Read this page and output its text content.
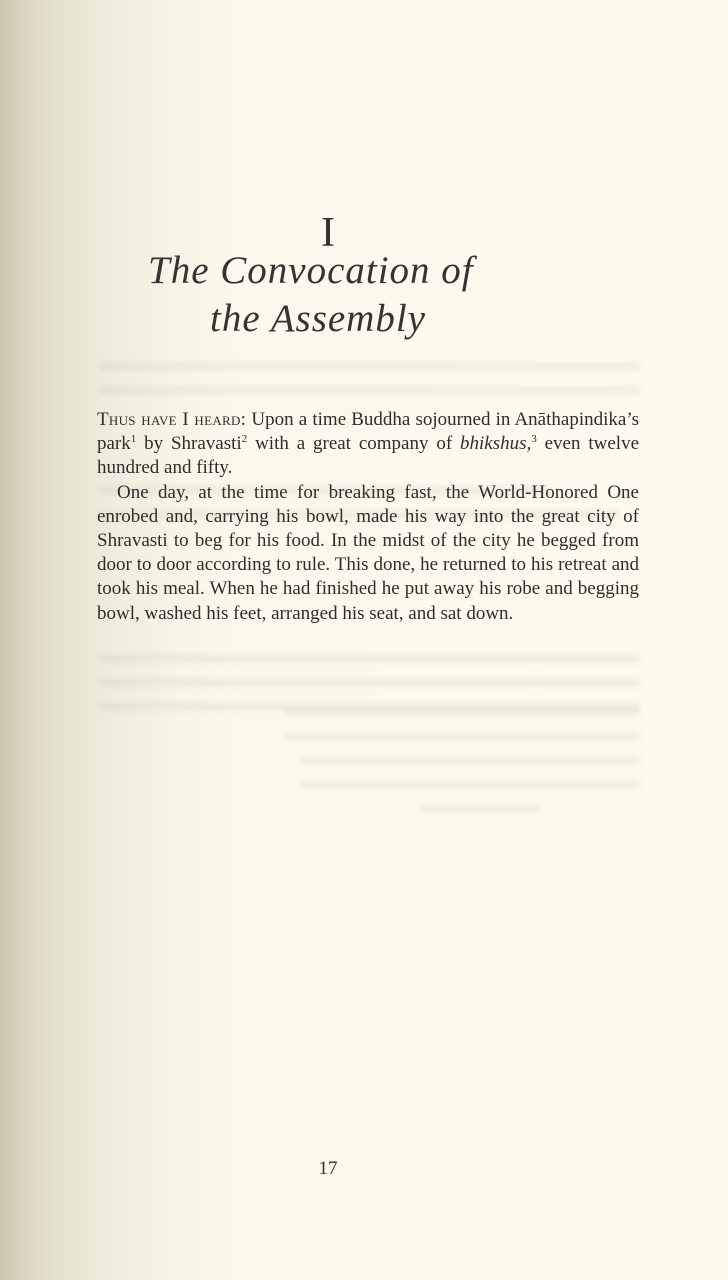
I
The Convocation of
the Assembly

Thus have I heard: Upon a time Buddha sojourned in Anāthapindika’s park$^1$ by Shravasti$^2$ with a great company of bhikshus,$^3$ even twelve hundred and fifty.

One day, at the time for breaking fast, the World-Honored One enrobed and, carrying his bowl, made his way into the great city of Shravasti to beg for his food. In the midst of the city he begged from door to door according to rule. This done, he returned to his retreat and took his meal. When he had finished he put away his robe and begging bowl, washed his feet, arranged his seat, and sat down.

17
